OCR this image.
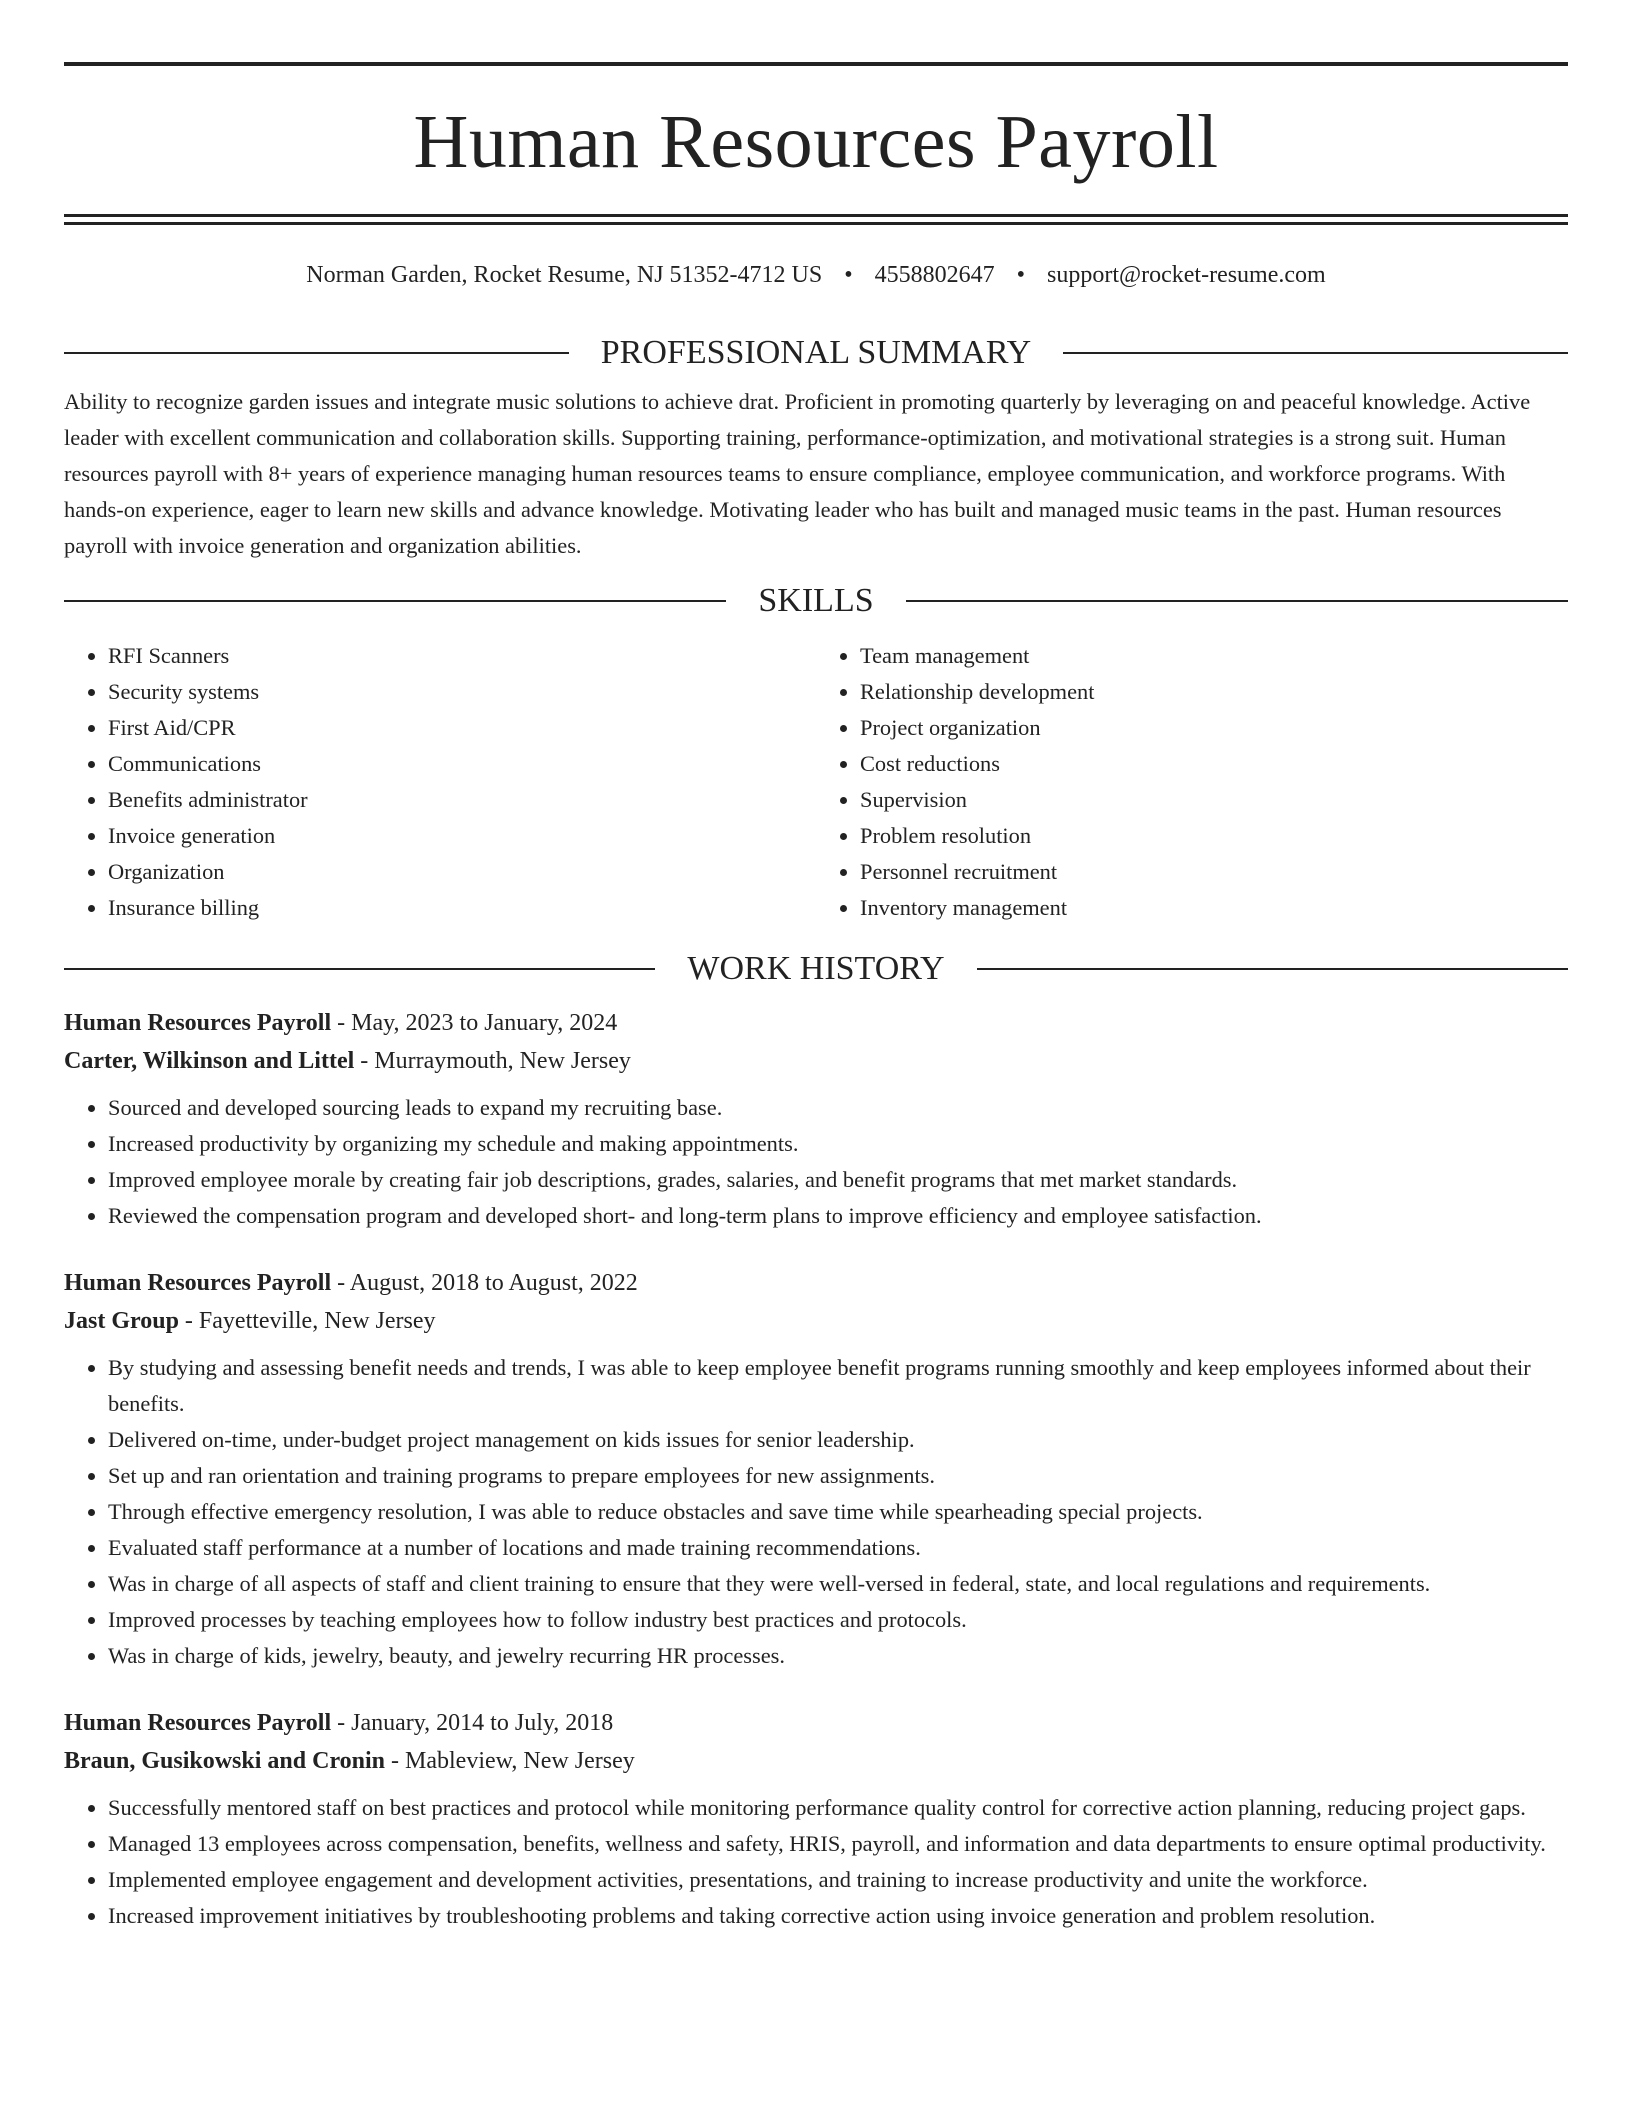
Human Resources Payroll
Norman Garden, Rocket Resume, NJ 51352-4712 US • 4558802647 • support@rocket-resume.com
PROFESSIONAL SUMMARY

Ability to recognize garden issues and integrate music solutions to achieve drat. Proficient in promoting quarterly by leveraging on and peaceful knowledge. Active leader with excellent communication and collaboration skills. Supporting training, performance-optimization, and motivational strategies is a strong suit. Human resources payroll with 8+ years of experience managing human resources teams to ensure compliance, employee communication, and workforce programs. With hands-on experience, eager to learn new skills and advance knowledge. Motivating leader who has built and managed music teams in the past. Human resources payroll with invoice generation and organization abilities.

SKILLS
• RFI Scanners
• Security systems
• First Aid/CPR
• Communications
• Benefits administrator
• Invoice generation
• Organization
• Insurance billing
• Team management
• Relationship development
• Project organization
• Cost reductions
• Supervision
• Problem resolution
• Personnel recruitment
• Inventory management
WORK HISTORY
Human Resources Payroll - May, 2023 to January, 2024
Carter, Wilkinson and Littel - Murraymouth, New Jersey
• Sourced and developed sourcing leads to expand my recruiting base.
• Increased productivity by organizing my schedule and making appointments.
• Improved employee morale by creating fair job descriptions, grades, salaries, and benefit programs that met market standards.
• Reviewed the compensation program and developed short- and long-term plans to improve efficiency and employee satisfaction.
Human Resources Payroll - August, 2018 to August, 2022
Jast Group - Fayetteville, New Jersey
• By studying and assessing benefit needs and trends, I was able to keep employee benefit programs running smoothly and keep employees informed about their benefits.
• Delivered on-time, under-budget project management on kids issues for senior leadership.
• Set up and ran orientation and training programs to prepare employees for new assignments.
• Through effective emergency resolution, I was able to reduce obstacles and save time while spearheading special projects.
• Evaluated staff performance at a number of locations and made training recommendations.
• Was in charge of all aspects of staff and client training to ensure that they were well-versed in federal, state, and local regulations and requirements.
• Improved processes by teaching employees how to follow industry best practices and protocols.
• Was in charge of kids, jewelry, beauty, and jewelry recurring HR processes.
Human Resources Payroll - January, 2014 to July, 2018
Braun, Gusikowski and Cronin - Mableview, New Jersey
• Successfully mentored staff on best practices and protocol while monitoring performance quality control for corrective action planning, reducing project gaps.
• Managed 13 employees across compensation, benefits, wellness and safety, HRIS, payroll, and information and data departments to ensure optimal productivity.
• Implemented employee engagement and development activities, presentations, and training to increase productivity and unite the workforce.
• Increased improvement initiatives by troubleshooting problems and taking corrective action using invoice generation and problem resolution.
